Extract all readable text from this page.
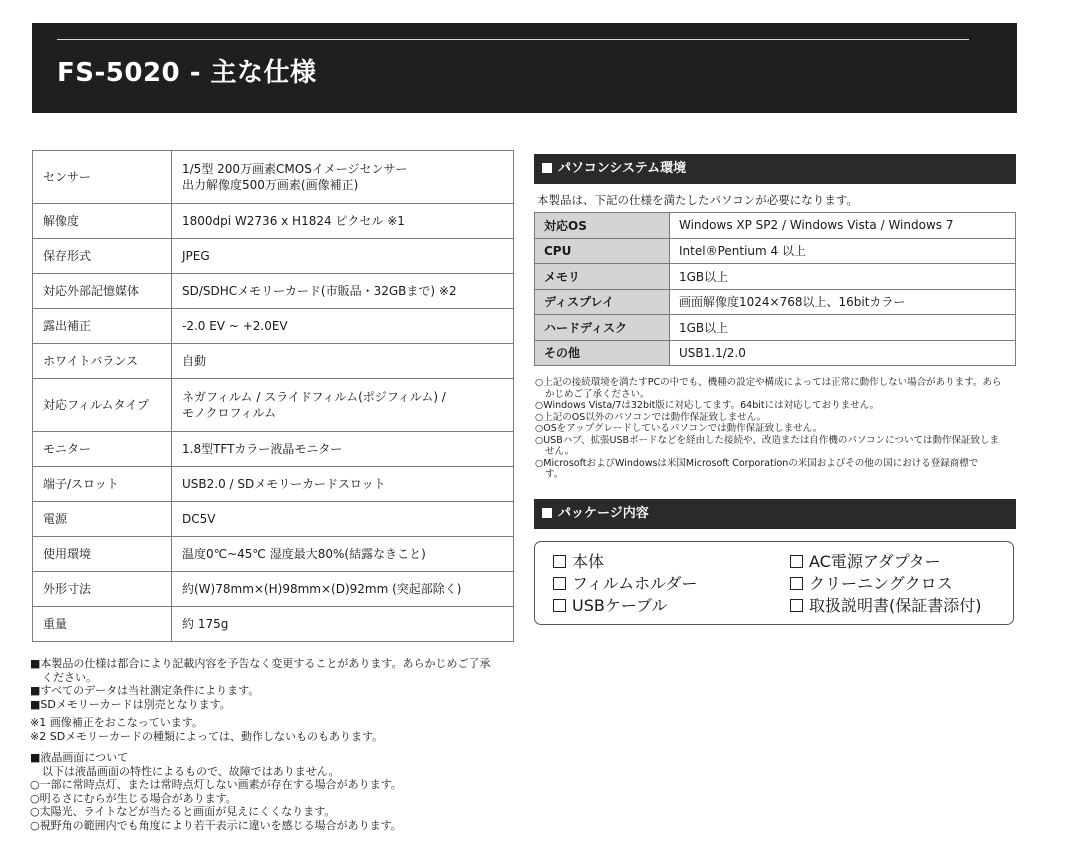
FS-5020 - 主な仕様
センサー	1/5型 200万画素CMOSイメージセンサー
出力解像度500万画素(画像補正)

解像度	1800dpi W2736 x H1824 ピクセル ※1

保存形式	JPEG

対応外部記憶媒体	SD/SDHCメモリーカード(市販品・32GBまで) ※2

露出補正	-2.0 EV ~ +2.0EV

ホワイトバランス	自動

対応フィルムタイプ	ネガフィルム / スライドフィルム(ポジフィルム) /
モノクロフィルム

モニター	1.8型TFTカラー液晶モニター

端子/スロット	USB2.0 / SDメモリーカードスロット

電源	DC5V

使用環境	温度0℃~45℃ 湿度最大80%(結露なきこと)

外形寸法	約(W)78mm×(H)98mm×(D)92mm (突起部除く)

重量	約 175g
■本製品の仕様は都合により記載内容を予告なく変更することがあります。あらかじめご了承
ください。
■すべてのデータは当社測定条件によります。
■SDメモリーカードは別売となります。
※1 画像補正をおこなっています。
※2 SDメモリーカードの種類によっては、動作しないものもあります。
■液晶画面について
以下は液晶画面の特性によるもので、故障ではありません。
○一部に常時点灯、または常時点灯しない画素が存在する場合があります。
○明るさにむらが生じる場合があります。
○太陽光、ライトなどが当たると画面が見えにくくなります。
○視野角の範囲内でも角度により若干表示に違いを感じる場合があります。
パソコンシステム環境
本製品は、下記の仕様を満たしたパソコンが必要になります。
対応OS	Windows XP SP2 / Windows Vista / Windows 7
CPU	Intel®Pentium 4 以上
メモリ	1GB以上
ディスプレイ	画面解像度1024×768以上、16bitカラー
ハードディスク	1GB以上
その他	USB1.1/2.0
○上記の接続環境を満たすPCの中でも、機種の設定や構成によっては正常に動作しない場合があります。あら
かじめご了承ください。
○Windows Vista/7は32bit版に対応してます。64bitには対応しておりません。
○上記のOS以外のパソコンでは動作保証致しません。
○OSをアップグレードしているパソコンでは動作保証致しません。
○USBハブ、拡張USBボードなどを経由した接続や、改造または自作機のパソコンについては動作保証致しま
せん。
○MicrosoftおよびWindowsは米国Microsoft Corporationの米国およびその他の国における登録商標で
す。
パッケージ内容
本体	AC電源アダプター
フィルムホルダー	クリーニングクロス
USBケーブル	取扱説明書(保証書添付)
